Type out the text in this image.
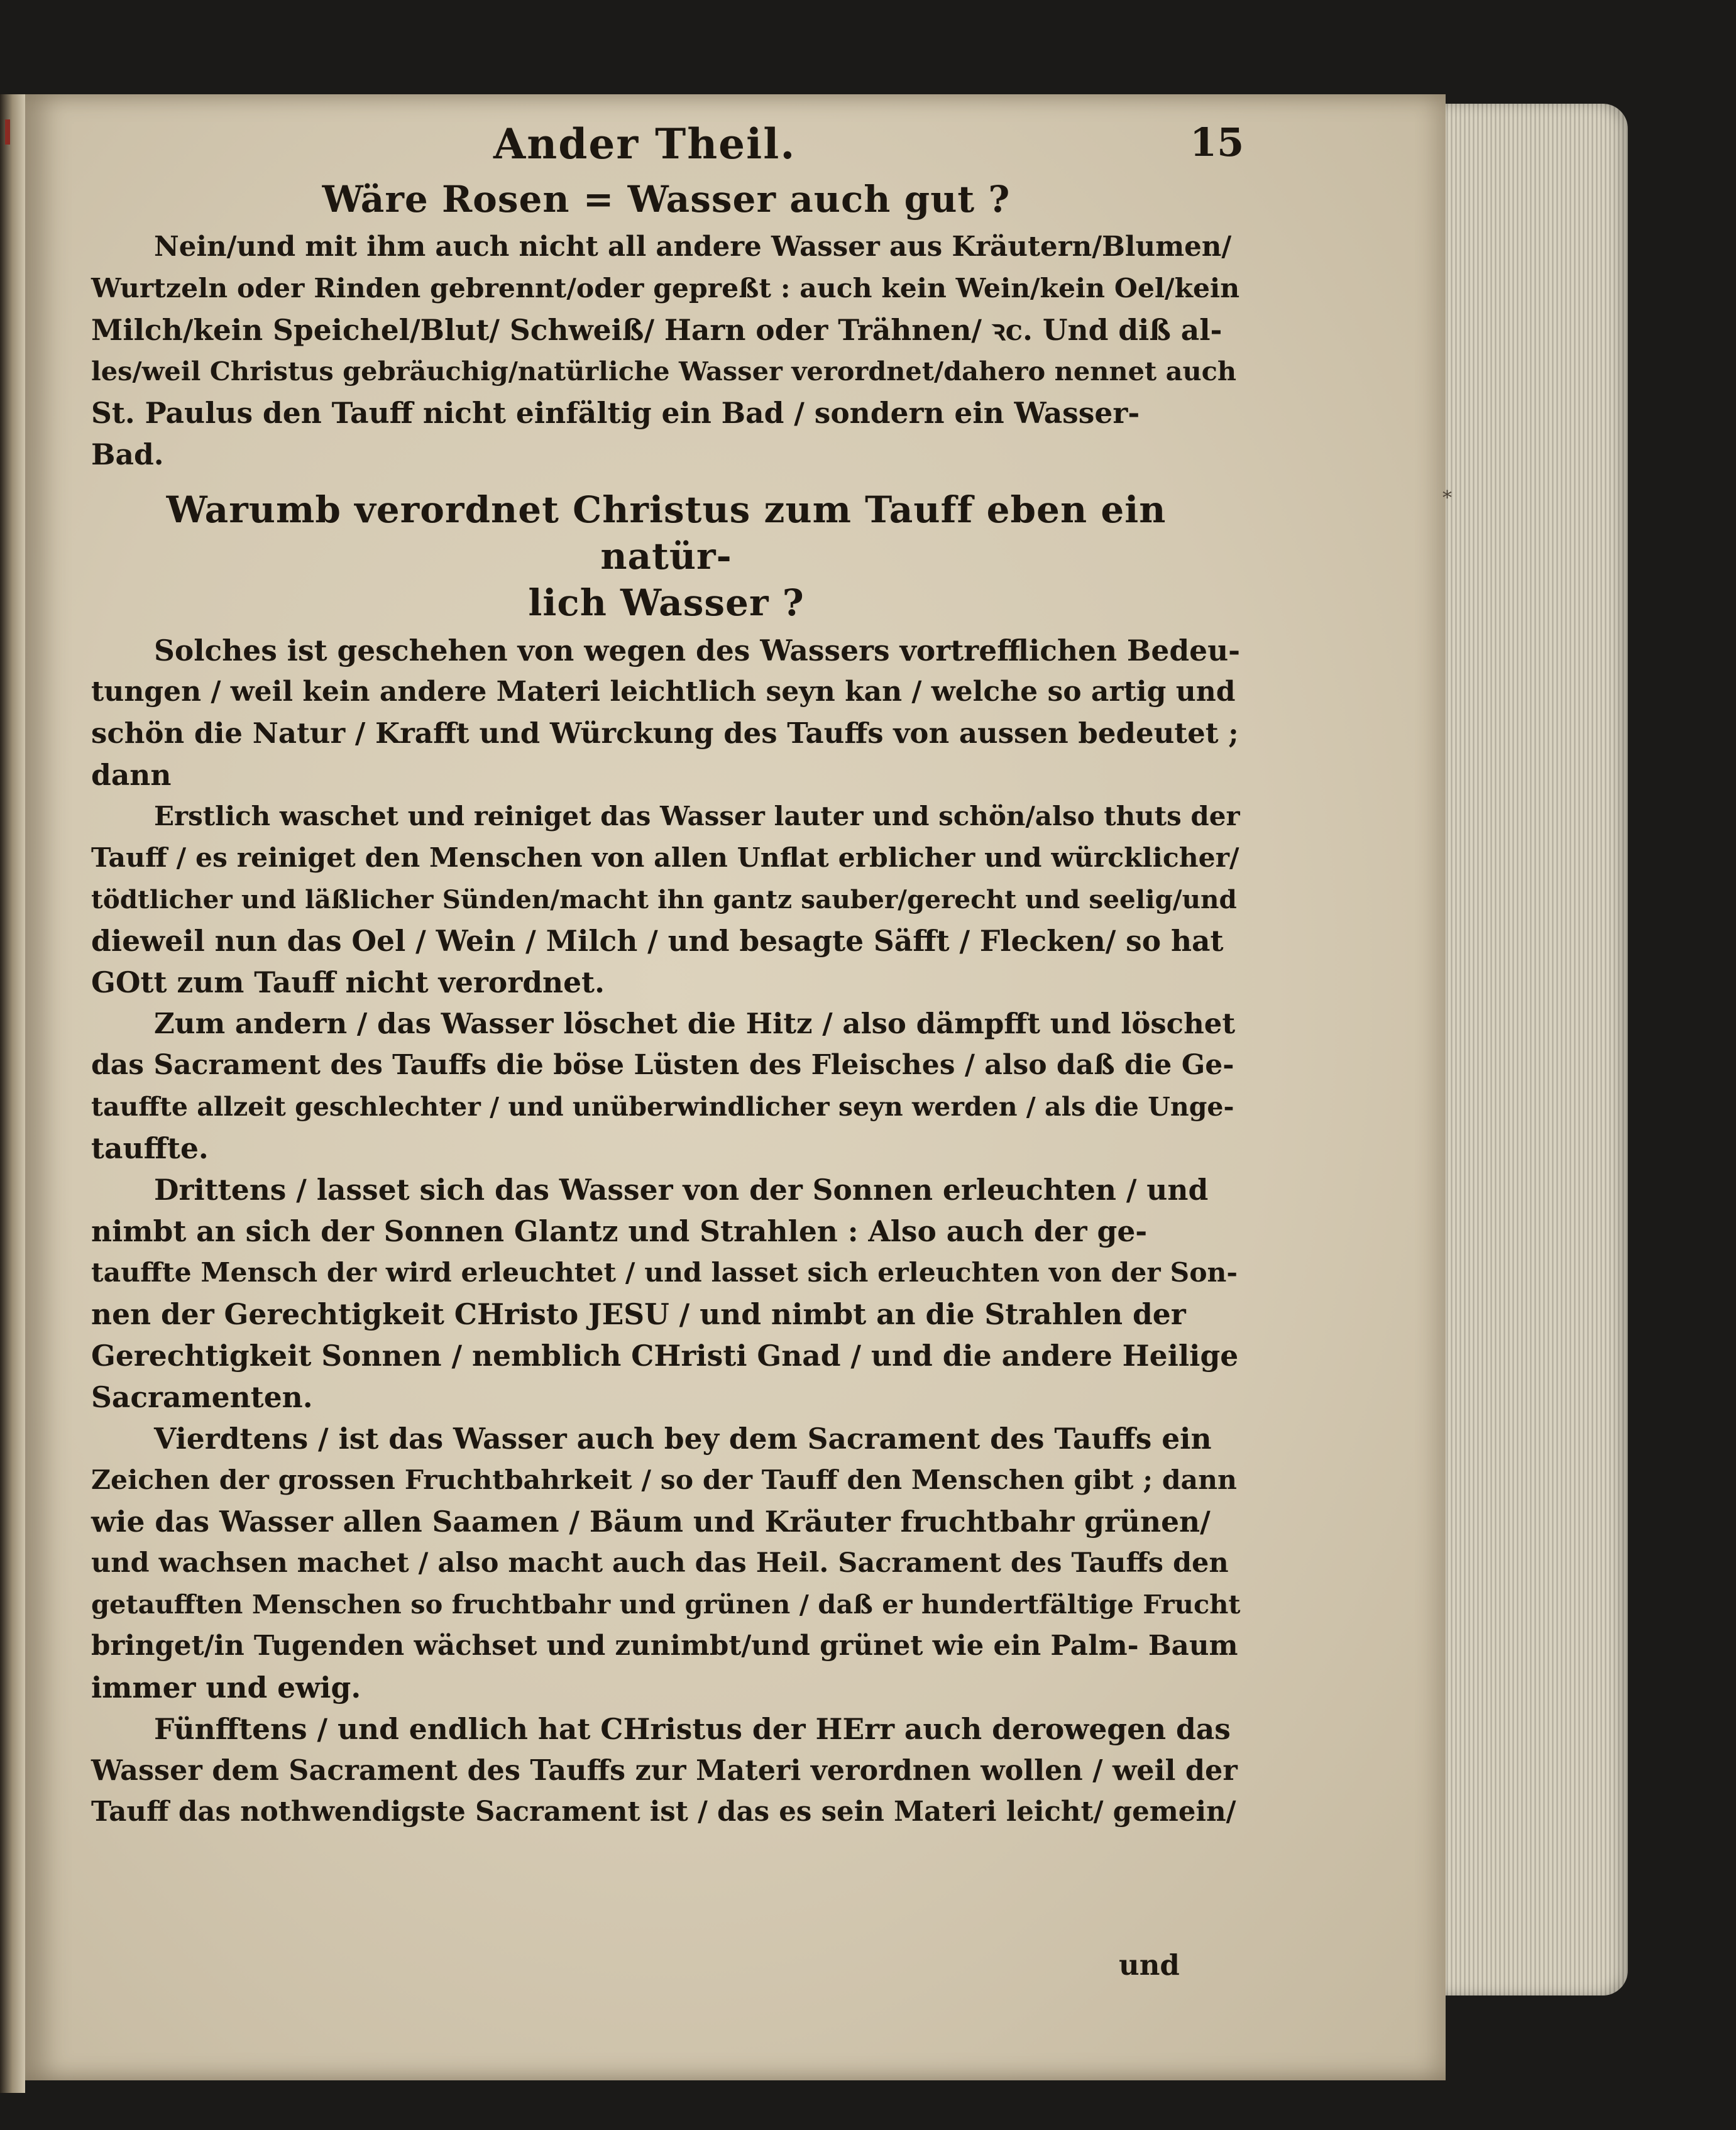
*
Ander Theil.	15
Wäre Rosen = Wasser auch gut ?
Nein/und mit ihm auch nicht all andere Wasser aus Kräutern/Blumen/
Wurtzeln oder Rinden gebrennt/oder gepreßt : auch kein Wein/kein Oel/kein
Milch/kein Speichel/Blut/ Schweiß/ Harn oder Trähnen/ ꝛc. Und diß al-
les/weil Christus gebräuchig/natürliche Wasser verordnet/dahero nennet auch
St. Paulus den Tauff nicht einfältig ein Bad / sondern ein Wasser-
Bad.
Warumb verordnet Christus zum Tauff eben ein natür-
lich Wasser ?
Solches ist geschehen von wegen des Wassers vortrefflichen Bedeu-
tungen / weil kein andere Materi leichtlich seyn kan / welche so artig und
schön die Natur / Krafft und Würckung des Tauffs von aussen bedeutet ;
dann
Erstlich waschet und reiniget das Wasser lauter und schön/also thuts der
Tauff / es reiniget den Menschen von allen Unflat erblicher und würcklicher/
tödtlicher und läßlicher Sünden/macht ihn gantz sauber/gerecht und seelig/und
dieweil nun das Oel / Wein / Milch / und besagte Säfft / Flecken/ so hat
GOtt zum Tauff nicht verordnet.
Zum andern / das Wasser löschet die Hitz / also dämpfft und löschet
das Sacrament des Tauffs die böse Lüsten des Fleisches / also daß die Ge-
tauffte allzeit geschlechter / und unüberwindlicher seyn werden / als die Unge-
tauffte.
Drittens / lasset sich das Wasser von der Sonnen erleuchten / und
nimbt an sich der Sonnen Glantz und Strahlen : Also auch der ge-
tauffte Mensch der wird erleuchtet / und lasset sich erleuchten von der Son-
nen der Gerechtigkeit CHristo JESU / und nimbt an die Strahlen der
Gerechtigkeit Sonnen / nemblich CHristi Gnad / und die andere Heilige
Sacramenten.
Vierdtens / ist das Wasser auch bey dem Sacrament des Tauffs ein
Zeichen der grossen Fruchtbahrkeit / so der Tauff den Menschen gibt ; dann
wie das Wasser allen Saamen / Bäum und Kräuter fruchtbahr grünen/
und wachsen machet / also macht auch das Heil. Sacrament des Tauffs den
getaufften Menschen so fruchtbahr und grünen / daß er hundertfältige Frucht
bringet/in Tugenden wächset und zunimbt/und grünet wie ein Palm- Baum
immer und ewig.
Fünfftens / und endlich hat CHristus der HErr auch derowegen das
Wasser dem Sacrament des Tauffs zur Materi verordnen wollen / weil der
Tauff das nothwendigste Sacrament ist / das es sein Materi leicht/ gemein/
und
